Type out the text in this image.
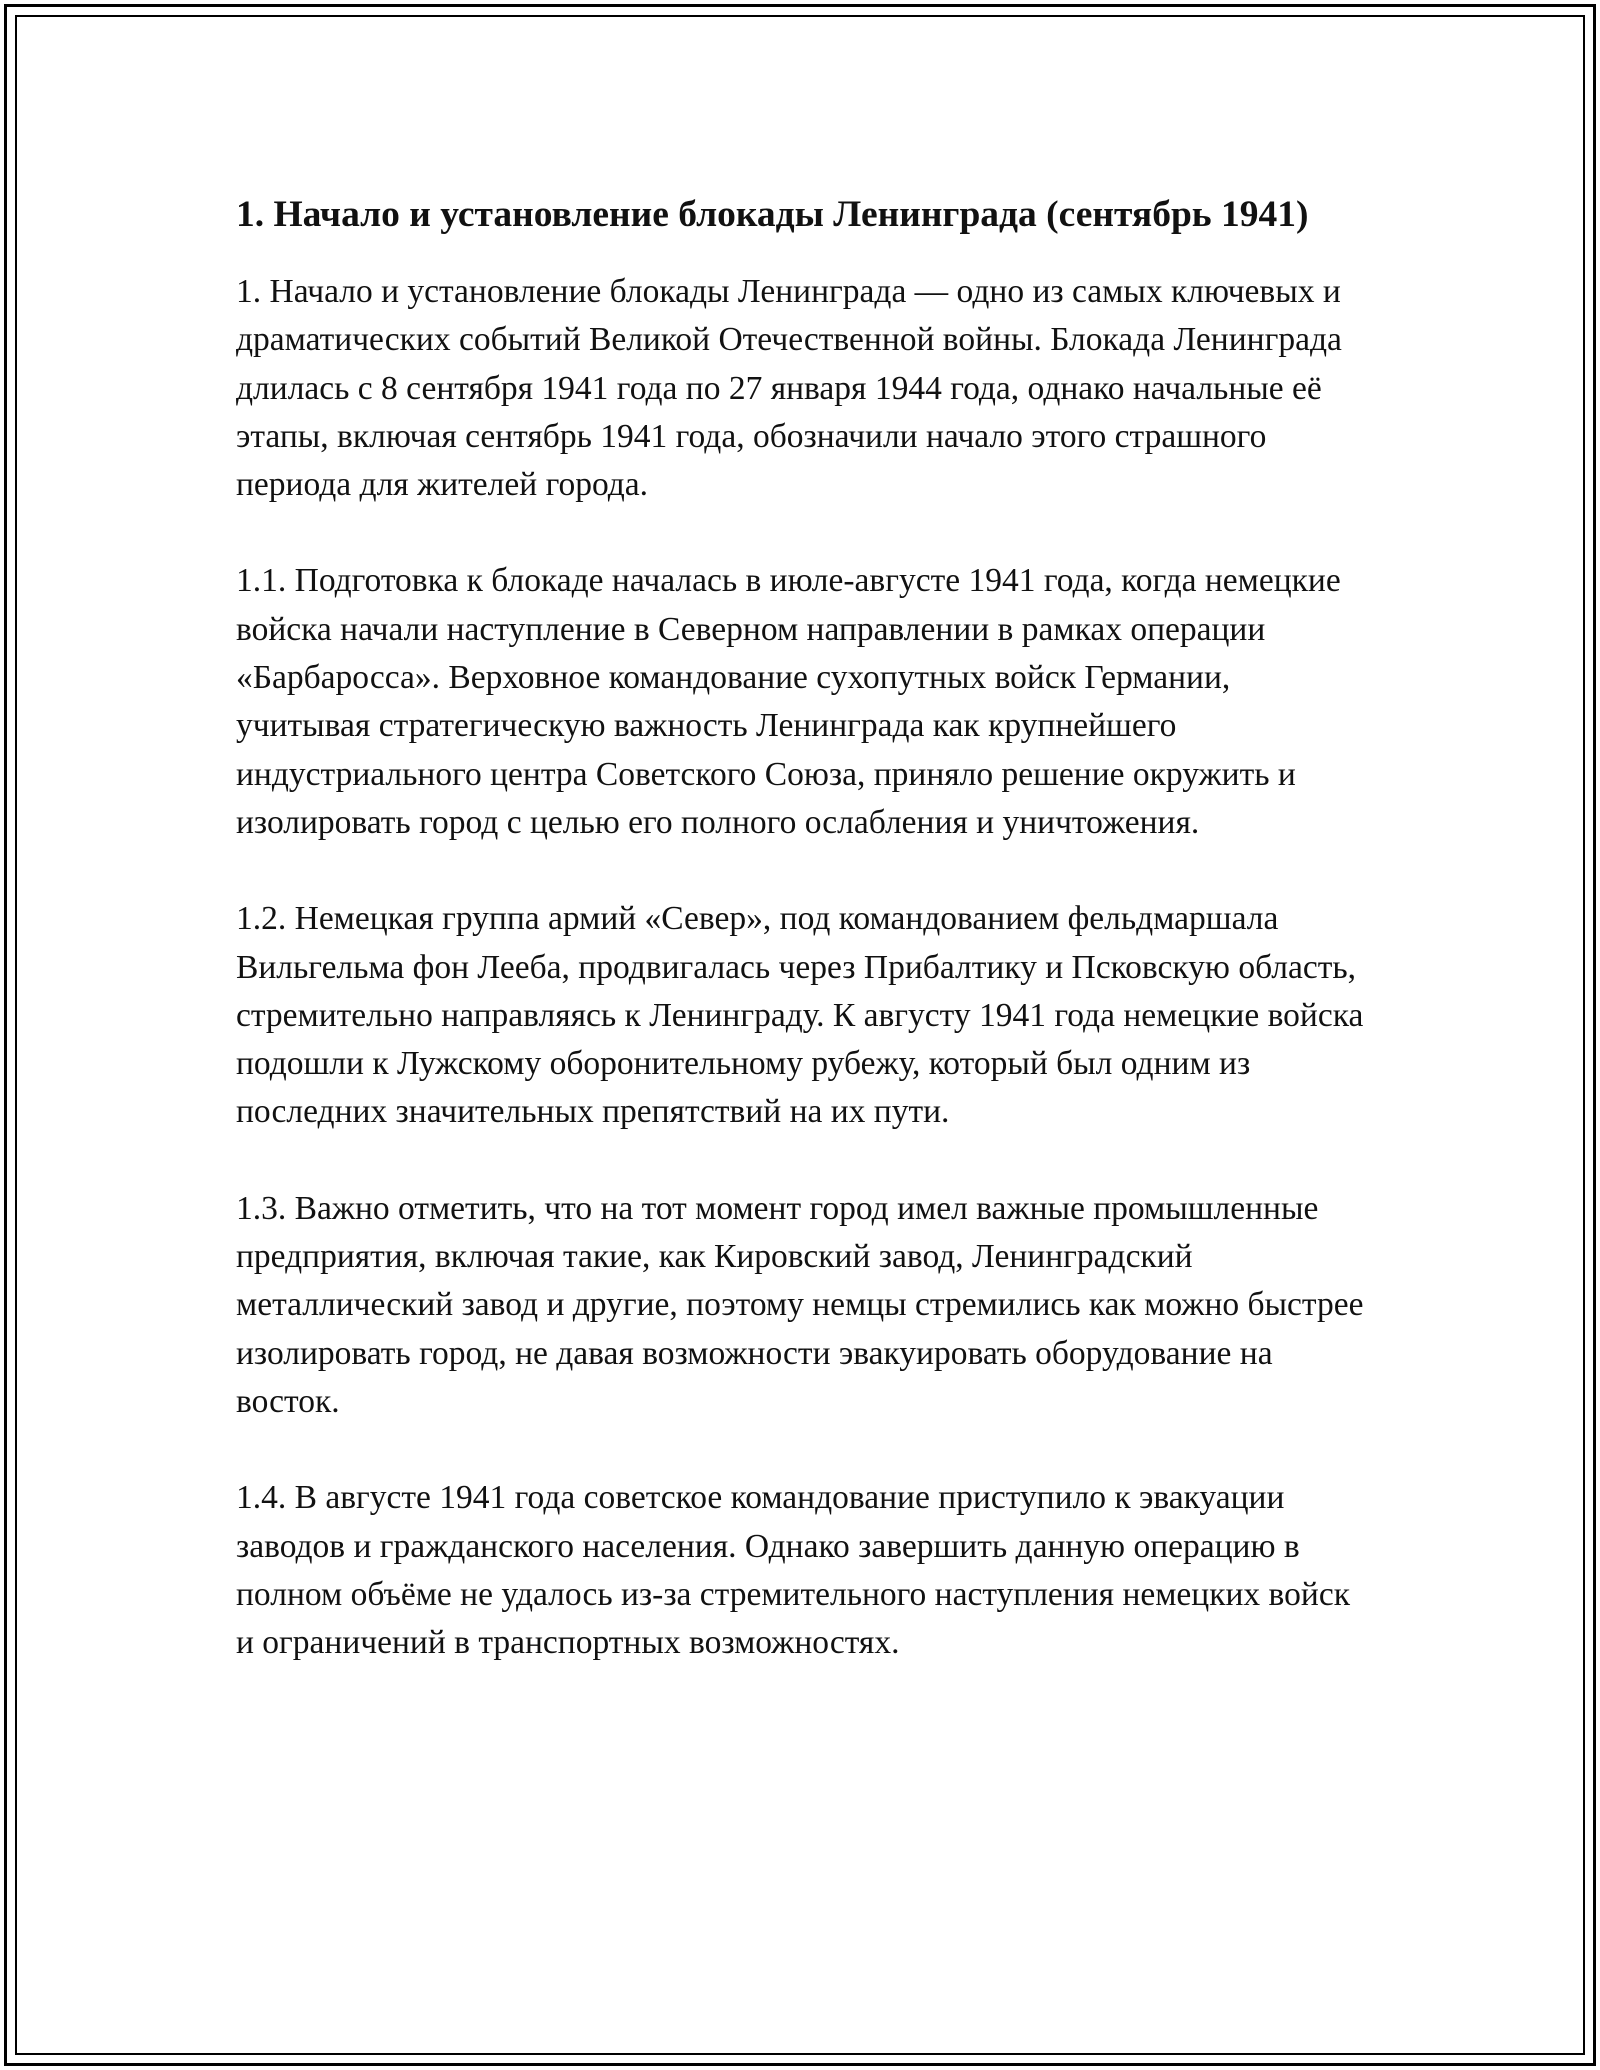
1. Начало и установление блокады Ленинграда (сентябрь 1941)

1. Начало и установление блокады Ленинграда — одно из самых ключевых и драматических событий Великой Отечественной войны. Блокада Ленинграда длилась с 8 сентября 1941 года по 27 января 1944 года, однако начальные её этапы, включая сентябрь 1941 года, обозначили начало этого страшного периода для жителей города.

1.1. Подготовка к блокаде началась в июле-августе 1941 года, когда немецкие войска начали наступление в Северном направлении в рамках операции «Барбаросса». Верховное командование сухопутных войск Германии, учитывая стратегическую важность Ленинграда как крупнейшего индустриального центра Советского Союза, приняло решение окружить и изолировать город с целью его полного ослабления и уничтожения.

1.2. Немецкая группа армий «Север», под командованием фельдмаршала Вильгельма фон Лееба, продвигалась через Прибалтику и Псковскую область, стремительно направляясь к Ленинграду. К августу 1941 года немецкие войска подошли к Лужскому оборонительному рубежу, который был одним из последних значительных препятствий на их пути.

1.3. Важно отметить, что на тот момент город имел важные промышленные предприятия, включая такие, как Кировский завод, Ленинградский металлический завод и другие, поэтому немцы стремились как можно быстрее изолировать город, не давая возможности эвакуировать оборудование на восток.

1.4. В августе 1941 года советское командование приступило к эвакуации заводов и гражданского населения. Однако завершить данную операцию в полном объёме не удалось из-за стремительного наступления немецких войск и ограничений в транспортных возможностях.
